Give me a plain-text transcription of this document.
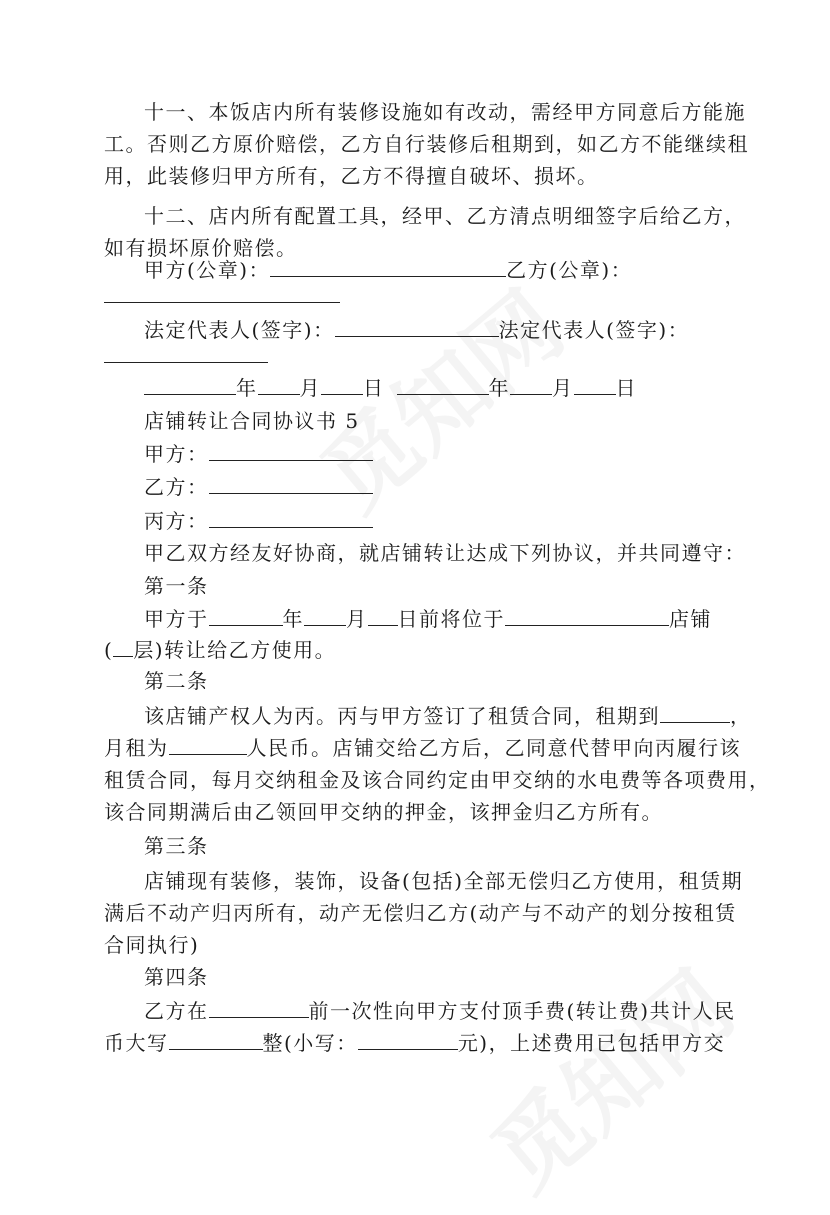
十一、本饭店内所有装修设施如有改动，需经甲方同意后方能施
工。否则乙方原价赔偿，乙方自行装修后租期到，如乙方不能继续租
用，此装修归甲方所有，乙方不得擅自破坏、损坏。
十二、店内所有配置工具，经甲、乙方清点明细签字后给乙方，
如有损坏原价赔偿。
甲方(公章)：	乙方(公章)：
法定代表人(签字)：	法定代表人(签字)：
年 月 日	年 月 日
店铺转让合同协议书 5
甲方：
乙方：
丙方：
甲乙双方经友好协商，就店铺转让达成下列协议，并共同遵守：
第一条
甲方于	年 月 日前将位于	店铺
( 层)转让给乙方使用。
第二条
该店铺产权人为丙。丙与甲方签订了租赁合同，租期到	，
月租为	人民币。店铺交给乙方后，乙同意代替甲向丙履行该
租赁合同，每月交纳租金及该合同约定由甲交纳的水电费等各项费用，
该合同期满后由乙领回甲交纳的押金，该押金归乙方所有。
第三条
店铺现有装修，装饰，设备(包括)全部无偿归乙方使用，租赁期
满后不动产归丙所有，动产无偿归乙方(动产与不动产的划分按租赁
合同执行)
第四条
乙方在	前一次性向甲方支付顶手费(转让费)共计人民
币大写	整(小写：	元)，上述费用已包括甲方交
